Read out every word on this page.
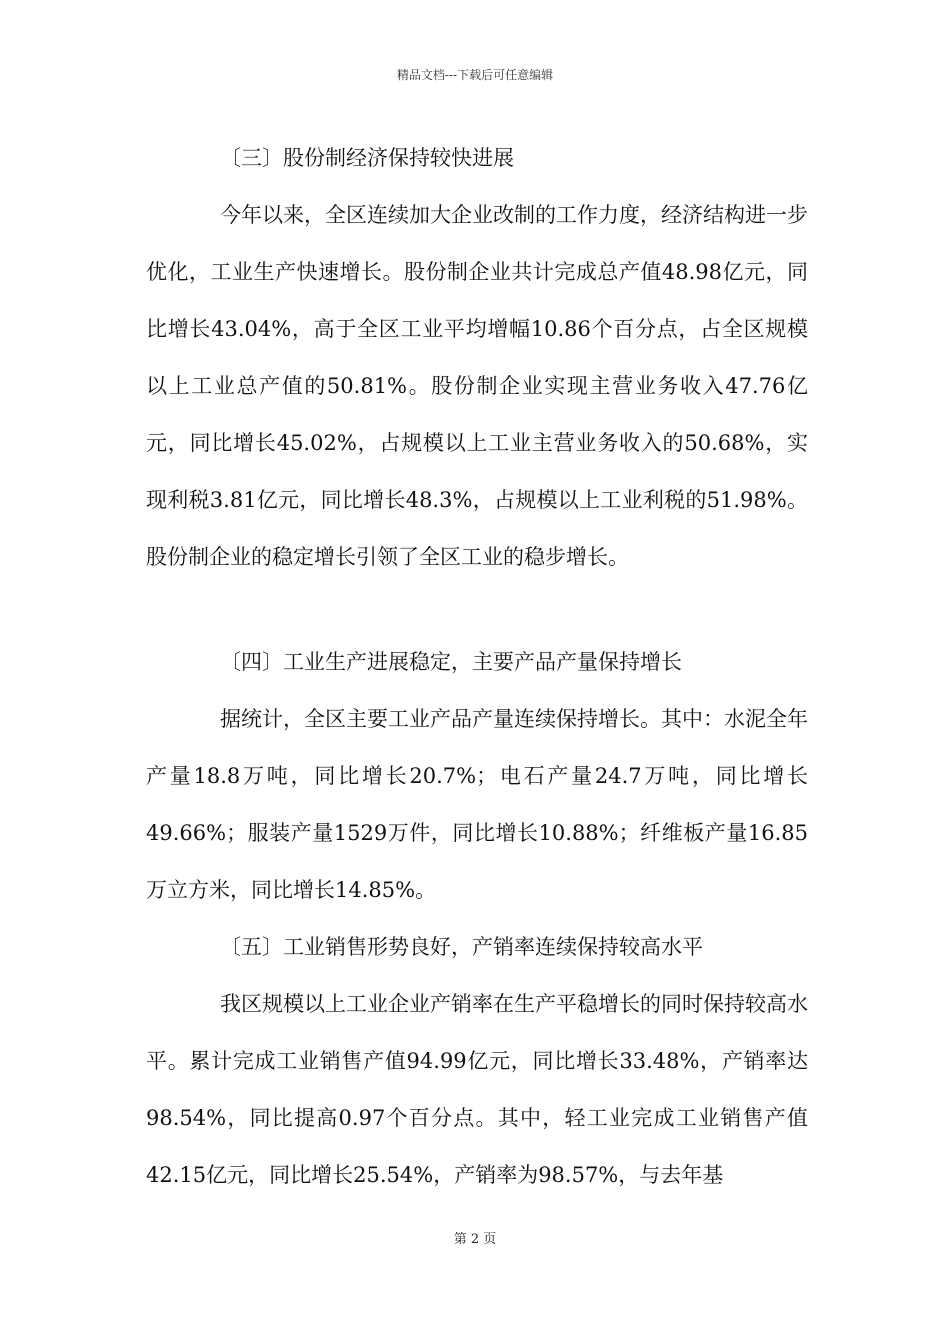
精品文档---下载后可任意编辑

〔三〕股份制经济保持较快进展

今年以来，全区连续加大企业改制的工作力度，经济结构进一步优化，工业生产快速增长。股份制企业共计完成总产值48.98亿元，同比增长43.04%，高于全区工业平均增幅10.86个百分点，占全区规模以上工业总产值的50.81%。股份制企业实现主营业务收入47.76亿元，同比增长45.02%，占规模以上工业主营业务收入的50.68%，实现利税3.81亿元，同比增长48.3%，占规模以上工业利税的51.98%。股份制企业的稳定增长引领了全区工业的稳步增长。

〔四〕工业生产进展稳定，主要产品产量保持增长

据统计，全区主要工业产品产量连续保持增长。其中：水泥全年产量18.8万吨，同比增长20.7%；电石产量24.7万吨，同比增长49.66%；服装产量1529万件，同比增长10.88%；纤维板产量16.85万立方米，同比增长14.85%。

〔五〕工业销售形势良好，产销率连续保持较高水平

我区规模以上工业企业产销率在生产平稳增长的同时保持较高水平。累计完成工业销售产值94.99亿元，同比增长33.48%，产销率达98.54%，同比提高0.97个百分点。其中，轻工业完成工业销售产值42.15亿元，同比增长25.54%，产销率为98.57%，与去年基

第 2 页
